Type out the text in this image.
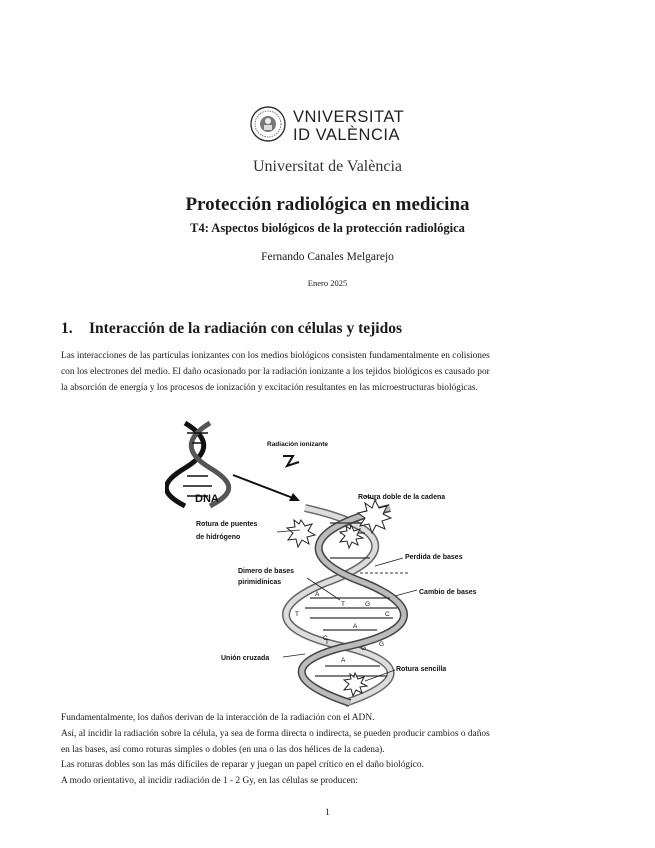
VNIVERSITAT
ID VALÈNCIA
Universitat de València
Protección radiológica en medicina
T4: Aspectos biológicos de la protección radiológica
Fernando Canales Melgarejo
Enero 2025
1. Interacción de la radiación con células y tejidos
Las interacciones de las partículas ionizantes con los medios biológicos consisten fundamentalmente en colisiones
con los electrones del medio. El daño ocasionado por la radiación ionizante a los tejidos biológicos es causado por
la absorción de energía y los procesos de ionización y excitación resultantes en las microestructuras biológicas.
DNA
Radiación ionizante
A
T	G
C
T
A
C
G
A
T	G
Rotura doble de la cadena
Rotura de puentes
de hidrógeno
Perdida de bases
Dimero de bases
pirimidínicas
Cambio de bases
Unión cruzada
Rotura sencilla
Fundamentalmente, los daños derivan de la interacción de la radiación con el ADN.
Así, al incidir la radiación sobre la célula, ya sea de forma directa o indirecta, se pueden producir cambios o daños
en las bases, así como roturas simples o dobles (en una o las dos hélices de la cadena).
Las roturas dobles son las más difíciles de reparar y juegan un papel crítico en el daño biológico.
A modo orientativo, al incidir radiación de 1 - 2 Gy, en las células se producen:
1
